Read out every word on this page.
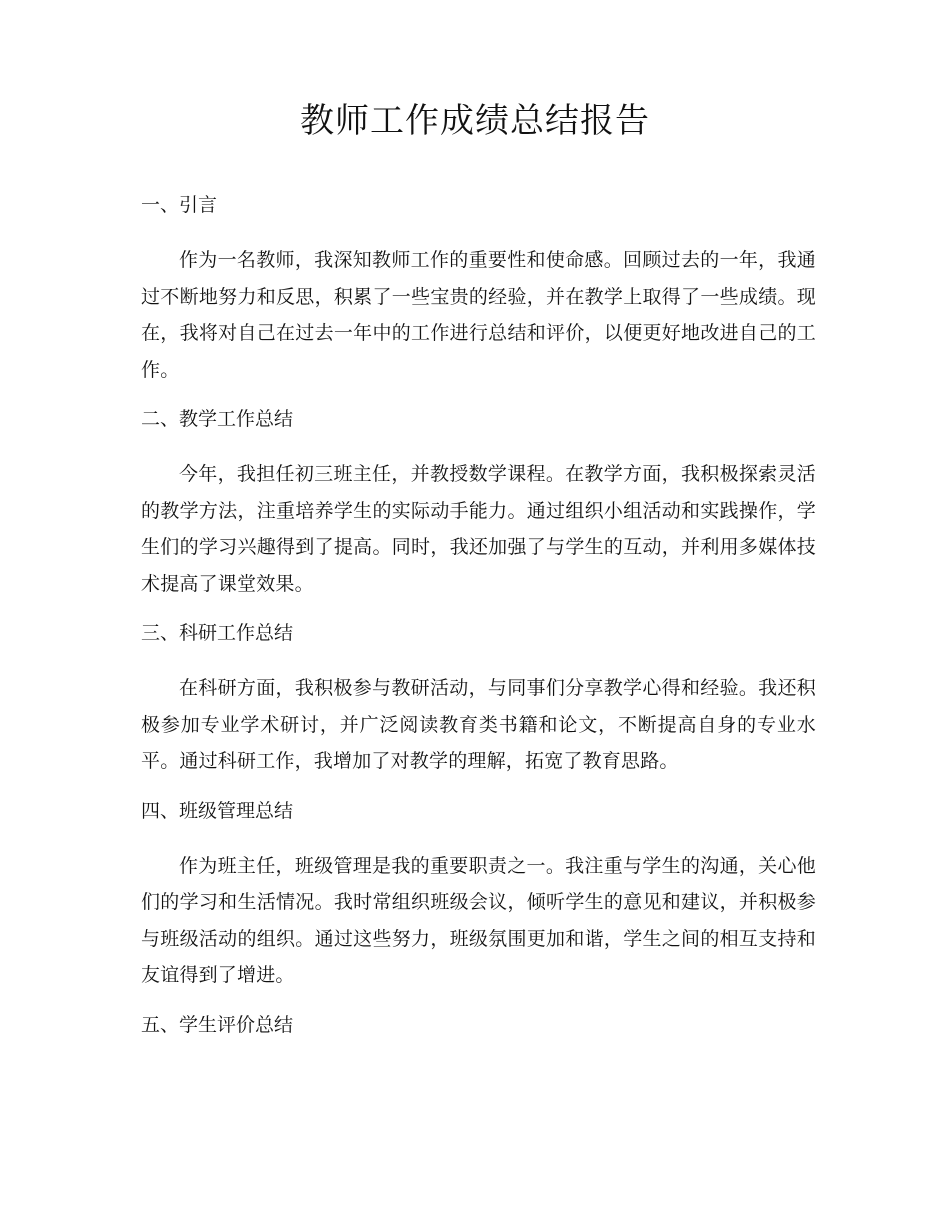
教师工作成绩总结报告
一、引言

作为一名教师，我深知教师工作的重要性和使命感。回顾过去的一年，我通过不断地努力和反思，积累了一些宝贵的经验，并在教学上取得了一些成绩。现在，我将对自己在过去一年中的工作进行总结和评价，以便更好地改进自己的工作。

二、教学工作总结

今年，我担任初三班主任，并教授数学课程。在教学方面，我积极探索灵活的教学方法，注重培养学生的实际动手能力。通过组织小组活动和实践操作，学生们的学习兴趣得到了提高。同时，我还加强了与学生的互动，并利用多媒体技术提高了课堂效果。

三、科研工作总结

在科研方面，我积极参与教研活动，与同事们分享教学心得和经验。我还积极参加专业学术研讨，并广泛阅读教育类书籍和论文，不断提高自身的专业水平。通过科研工作，我增加了对教学的理解，拓宽了教育思路。

四、班级管理总结

作为班主任，班级管理是我的重要职责之一。我注重与学生的沟通，关心他们的学习和生活情况。我时常组织班级会议，倾听学生的意见和建议，并积极参与班级活动的组织。通过这些努力，班级氛围更加和谐，学生之间的相互支持和友谊得到了增进。

五、学生评价总结
